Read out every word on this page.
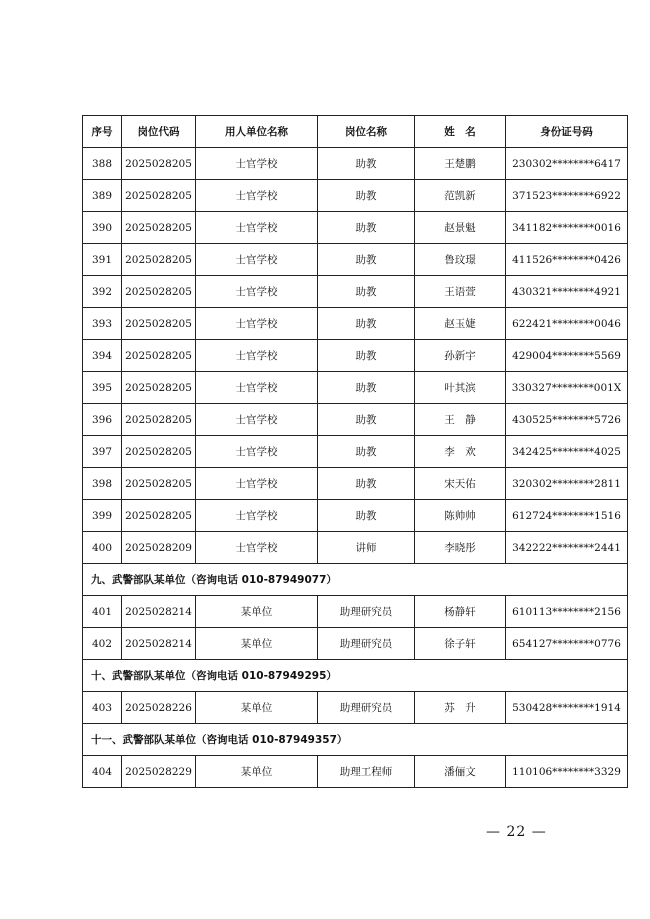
序号	岗位代码	用人单位名称	岗位名称	姓　名	身份证号码
388	2025028205	士官学校	助教	王楚鹏	230302********6417
389	2025028205	士官学校	助教	范凯新	371523********6922
390	2025028205	士官学校	助教	赵景魁	341182********0016
391	2025028205	士官学校	助教	鲁玟璟	411526********0426
392	2025028205	士官学校	助教	王语萱	430321********4921
393	2025028205	士官学校	助教	赵玉婕	622421********0046
394	2025028205	士官学校	助教	孙新宇	429004********5569
395	2025028205	士官学校	助教	叶其滨	330327********001X
396	2025028205	士官学校	助教	王　静	430525********5726
397	2025028205	士官学校	助教	李　欢	342425********4025
398	2025028205	士官学校	助教	宋天佑	320302********2811
399	2025028205	士官学校	助教	陈帅帅	612724********1516
400	2025028209	士官学校	讲师	李晓彤	342222********2441
九、武警部队某单位（咨询电话 010-87949077）					
401	2025028214	某单位	助理研究员	杨静轩	610113********2156
402	2025028214	某单位	助理研究员	徐子轩	654127********0776
十、武警部队某单位（咨询电话 010-87949295）					
403	2025028226	某单位	助理研究员	苏　升	530428********1914
十一、武警部队某单位（咨询电话 010-87949357）					
404	2025028229	某单位	助理工程师	潘俪文	110106********3329
— 22 —
